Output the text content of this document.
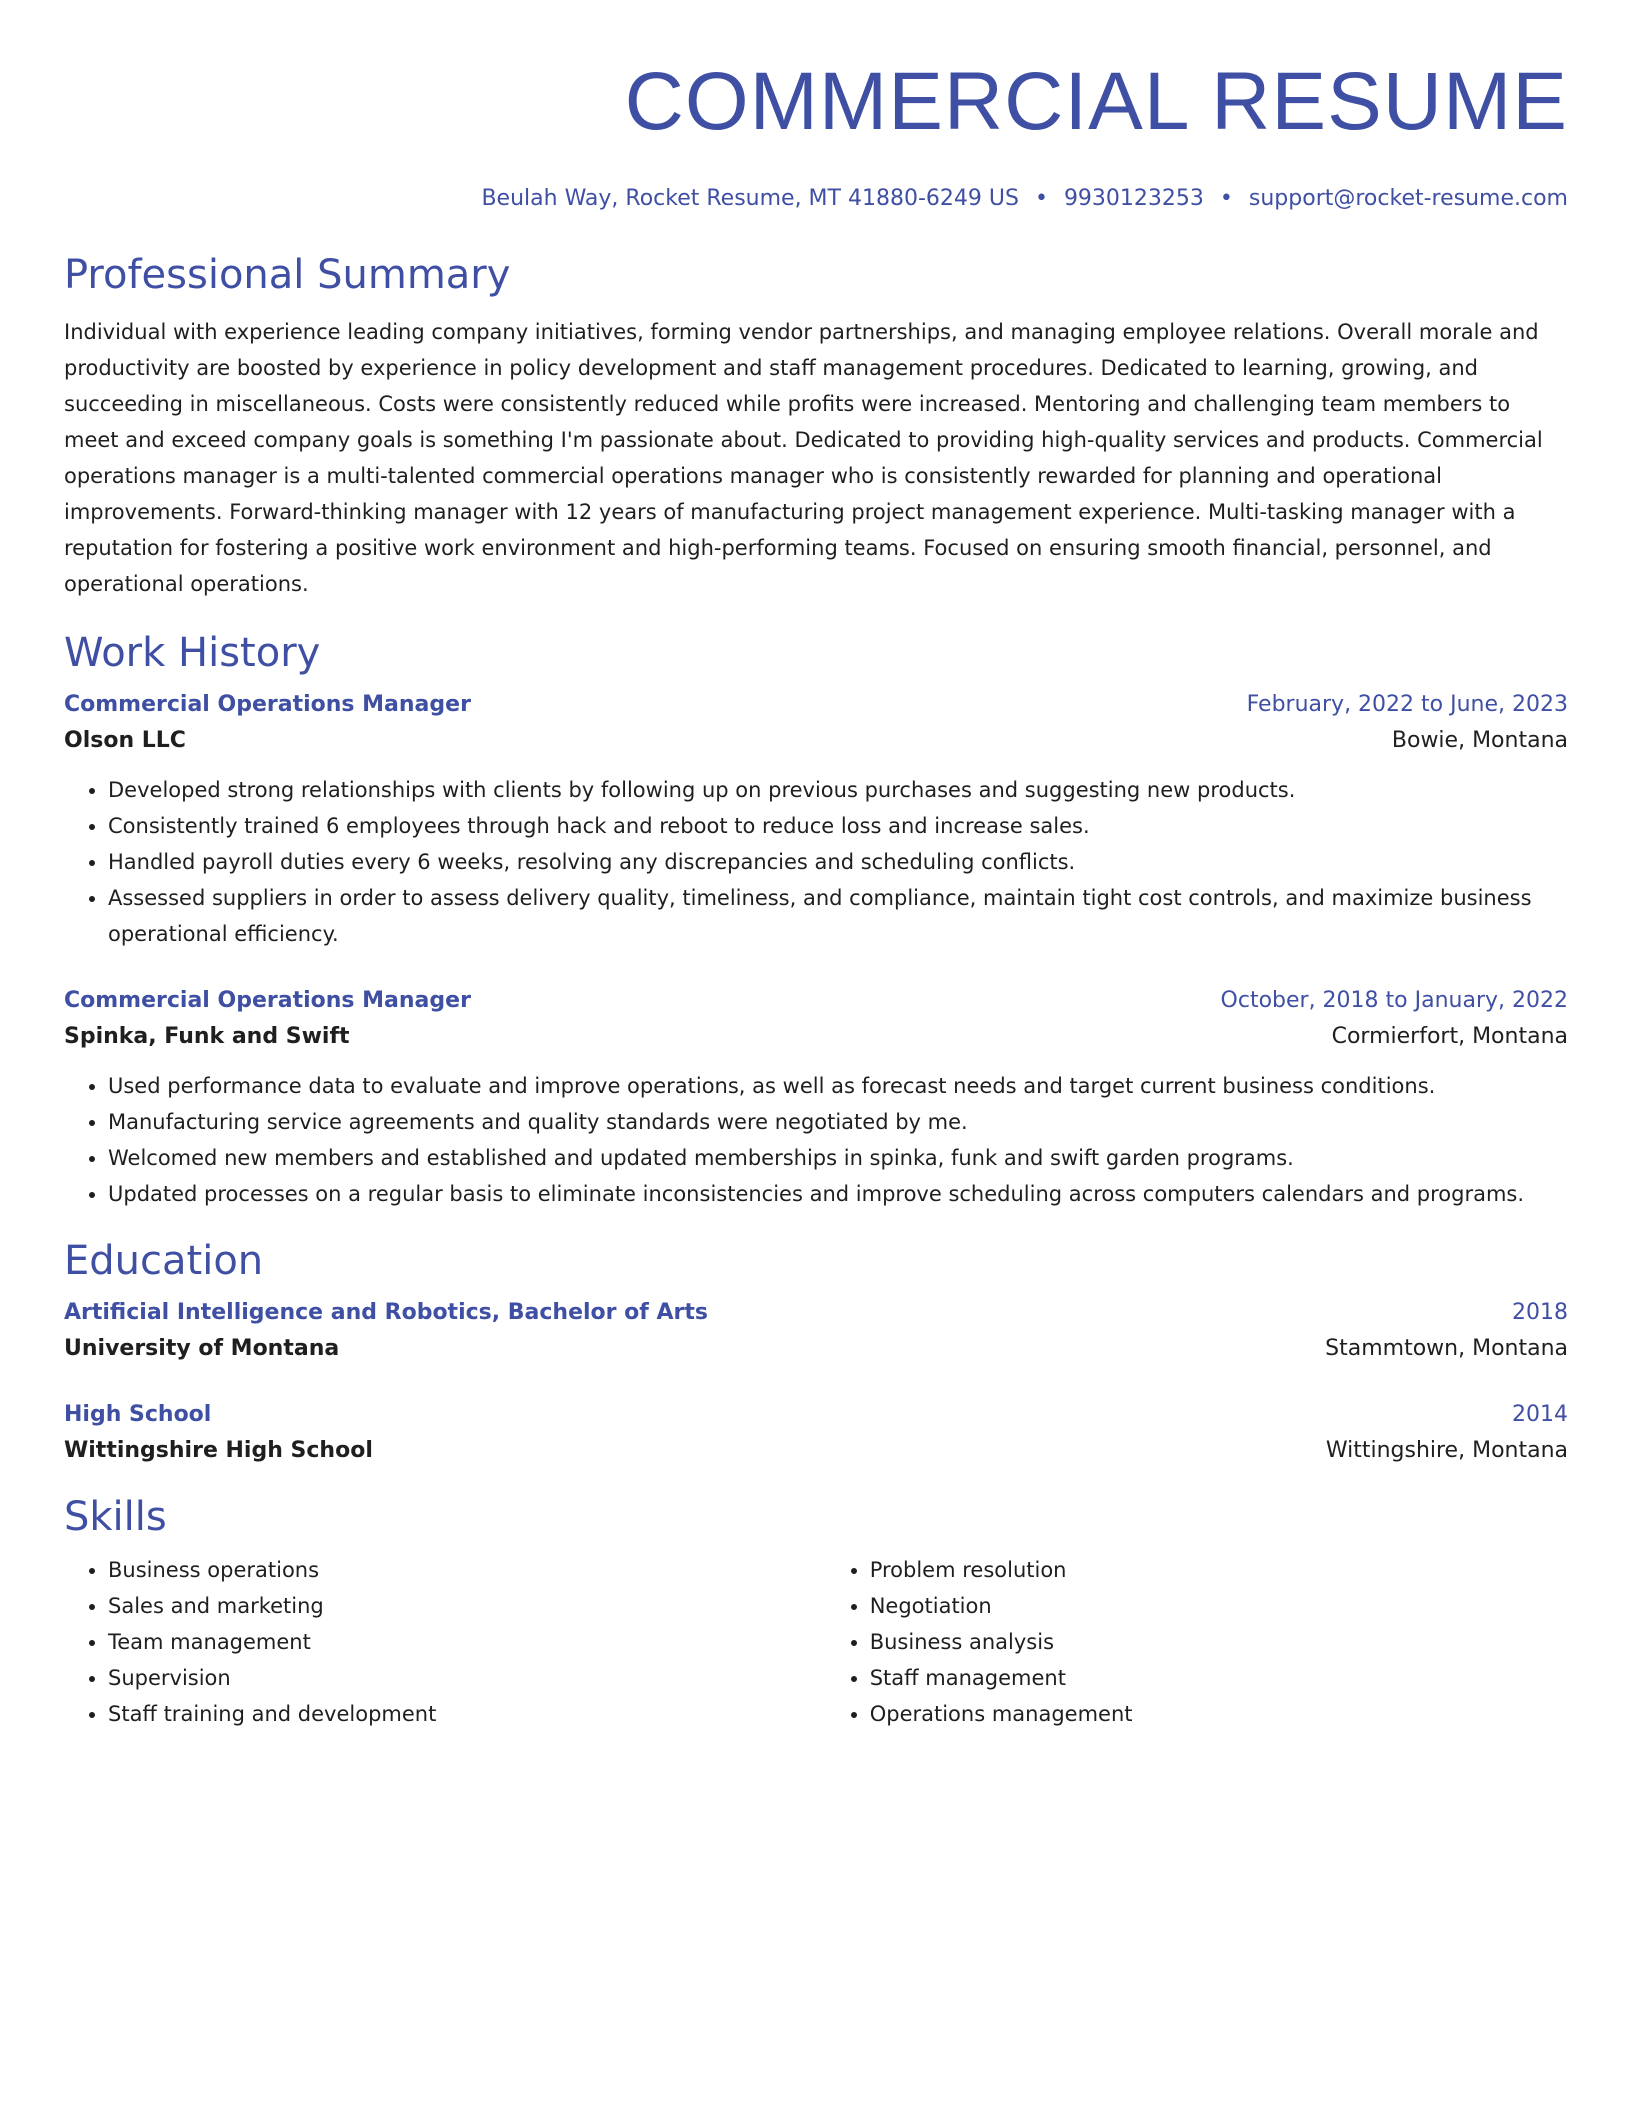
COMMERCIAL RESUME
Beulah Way, Rocket Resume, MT 41880-6249 US • 9930123253 • support@rocket-resume.com
Professional Summary

Individual with experience leading company initiatives, forming vendor partnerships, and managing employee relations. Overall morale and productivity are boosted by experience in policy development and staff management procedures. Dedicated to learning, growing, and succeeding in miscellaneous. Costs were consistently reduced while profits were increased. Mentoring and challenging team members to meet and exceed company goals is something I'm passionate about. Dedicated to providing high-quality services and products. Commercial operations manager is a multi-talented commercial operations manager who is consistently rewarded for planning and operational improvements. Forward-thinking manager with 12 years of manufacturing project management experience. Multi-tasking manager with a reputation for fostering a positive work environment and high-performing teams. Focused on ensuring smooth financial, personnel, and operational operations.

Work History
Commercial Operations Manager	February, 2022 to June, 2023
Olson LLC	Bowie, Montana
• Developed strong relationships with clients by following up on previous purchases and suggesting new products.
• Consistently trained 6 employees through hack and reboot to reduce loss and increase sales.
• Handled payroll duties every 6 weeks, resolving any discrepancies and scheduling conflicts.
• Assessed suppliers in order to assess delivery quality, timeliness, and compliance, maintain tight cost controls, and maximize business operational efficiency.
Commercial Operations Manager	October, 2018 to January, 2022
Spinka, Funk and Swift	Cormierfort, Montana
• Used performance data to evaluate and improve operations, as well as forecast needs and target current business conditions.
• Manufacturing service agreements and quality standards were negotiated by me.
• Welcomed new members and established and updated memberships in spinka, funk and swift garden programs.
• Updated processes on a regular basis to eliminate inconsistencies and improve scheduling across computers calendars and programs.
Education
Artificial Intelligence and Robotics, Bachelor of Arts	2018
University of Montana	Stammtown, Montana
High School	2014
Wittingshire High School	Wittingshire, Montana
Skills
• Business operations
• Sales and marketing
• Team management
• Supervision
• Staff training and development
• Problem resolution
• Negotiation
• Business analysis
• Staff management
• Operations management
